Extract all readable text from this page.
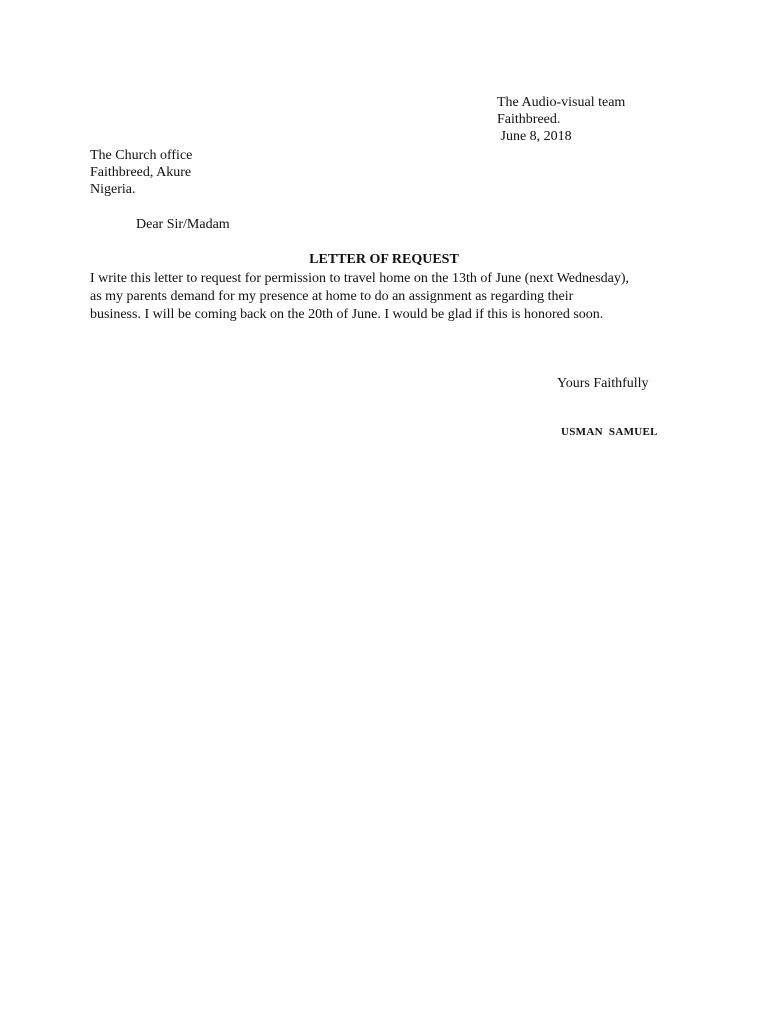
The Audio-visual team
Faithbreed.
June 8, 2018
The Church office
Faithbreed, Akure
Nigeria.
Dear Sir/Madam
LETTER OF REQUEST
I write this letter to request for permission to travel home on the 13th of June (next Wednesday),
as my parents demand for my presence at home to do an assignment as regarding their
business. I will be coming back on the 20th of June. I would be glad if this is honored soon.
Yours Faithfully
USMAN  SAMUEL
